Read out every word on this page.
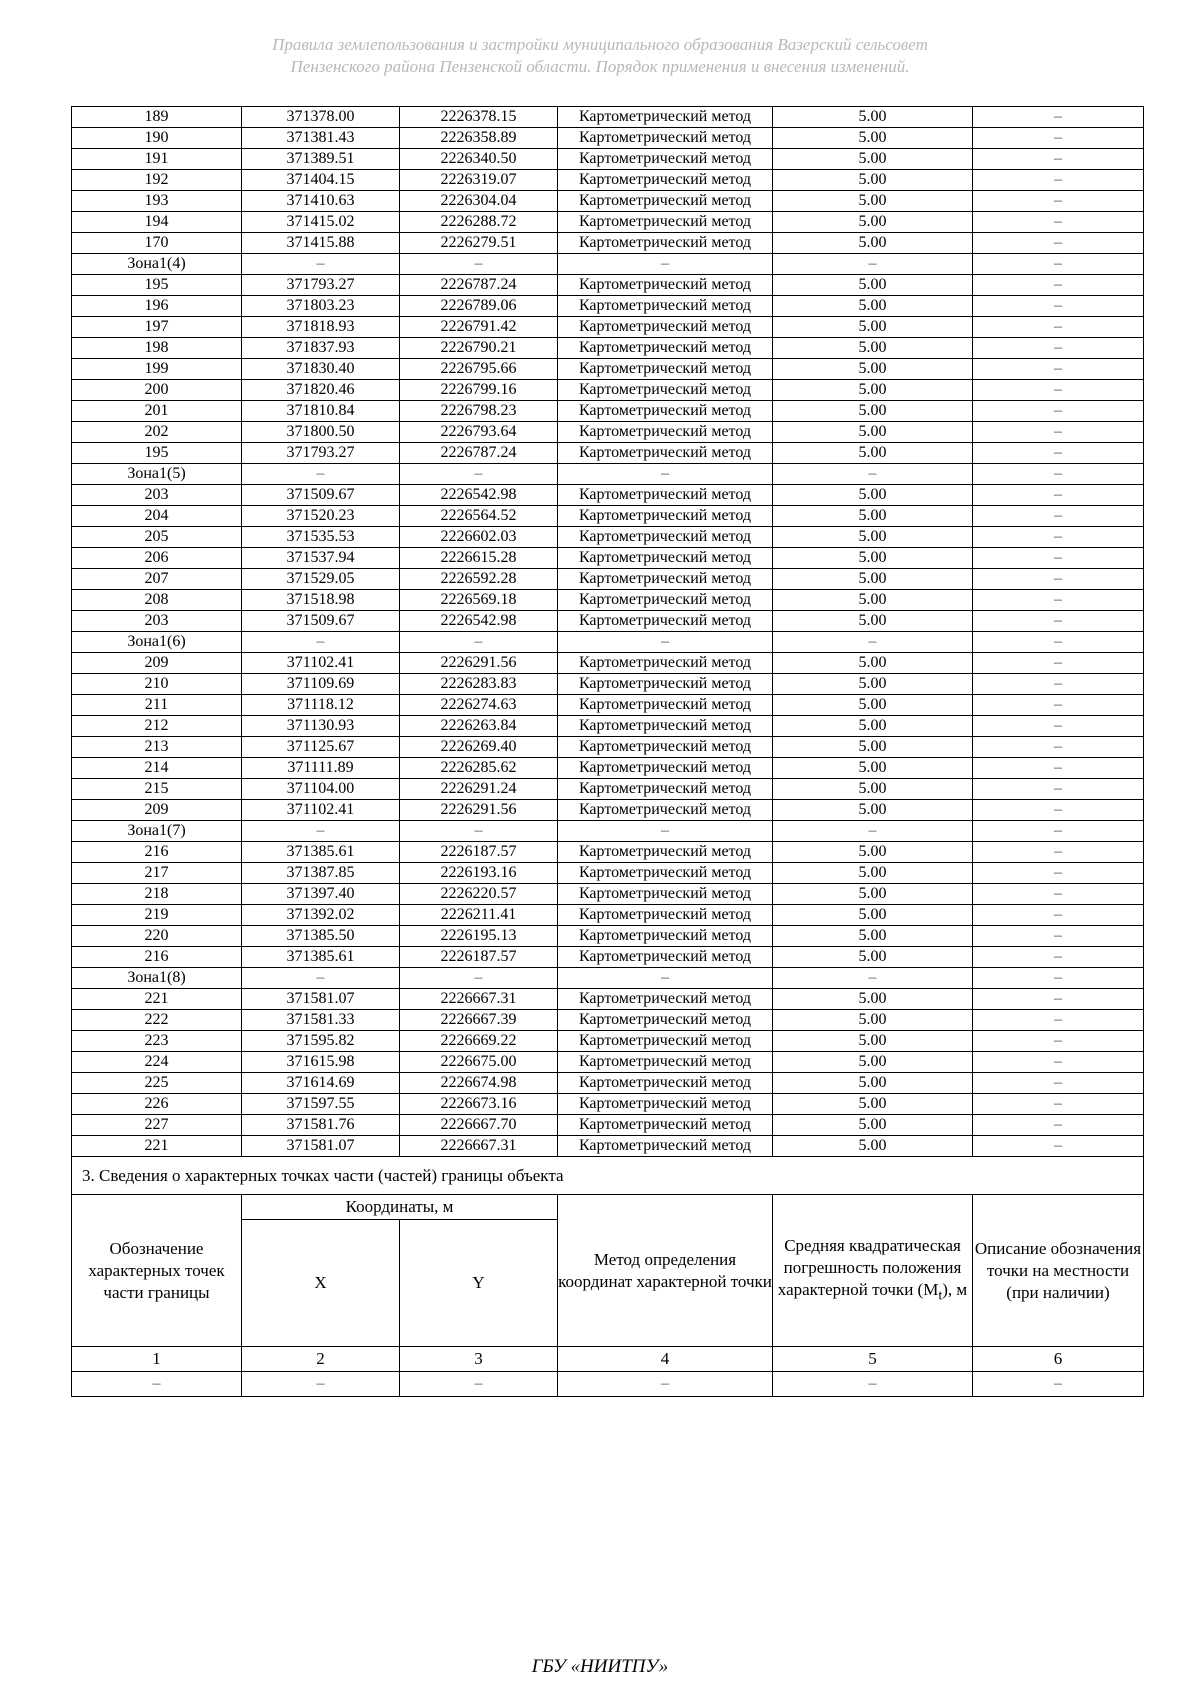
Правила землепользования и застройки муниципального образования Вазерский сельсовет
Пензенского района Пензенской области. Порядок применения и внесения изменений.
189	371378.00	2226378.15	Картометрический метод	5.00	–
190	371381.43	2226358.89	Картометрический метод	5.00	–
191	371389.51	2226340.50	Картометрический метод	5.00	–
192	371404.15	2226319.07	Картометрический метод	5.00	–
193	371410.63	2226304.04	Картометрический метод	5.00	–
194	371415.02	2226288.72	Картометрический метод	5.00	–
170	371415.88	2226279.51	Картометрический метод	5.00	–
Зона1(4)	–	–	–	–	–
195	371793.27	2226787.24	Картометрический метод	5.00	–
196	371803.23	2226789.06	Картометрический метод	5.00	–
197	371818.93	2226791.42	Картометрический метод	5.00	–
198	371837.93	2226790.21	Картометрический метод	5.00	–
199	371830.40	2226795.66	Картометрический метод	5.00	–
200	371820.46	2226799.16	Картометрический метод	5.00	–
201	371810.84	2226798.23	Картометрический метод	5.00	–
202	371800.50	2226793.64	Картометрический метод	5.00	–
195	371793.27	2226787.24	Картометрический метод	5.00	–
Зона1(5)	–	–	–	–	–
203	371509.67	2226542.98	Картометрический метод	5.00	–
204	371520.23	2226564.52	Картометрический метод	5.00	–
205	371535.53	2226602.03	Картометрический метод	5.00	–
206	371537.94	2226615.28	Картометрический метод	5.00	–
207	371529.05	2226592.28	Картометрический метод	5.00	–
208	371518.98	2226569.18	Картометрический метод	5.00	–
203	371509.67	2226542.98	Картометрический метод	5.00	–
Зона1(6)	–	–	–	–	–
209	371102.41	2226291.56	Картометрический метод	5.00	–
210	371109.69	2226283.83	Картометрический метод	5.00	–
211	371118.12	2226274.63	Картометрический метод	5.00	–
212	371130.93	2226263.84	Картометрический метод	5.00	–
213	371125.67	2226269.40	Картометрический метод	5.00	–
214	371111.89	2226285.62	Картометрический метод	5.00	–
215	371104.00	2226291.24	Картометрический метод	5.00	–
209	371102.41	2226291.56	Картометрический метод	5.00	–
Зона1(7)	–	–	–	–	–
216	371385.61	2226187.57	Картометрический метод	5.00	–
217	371387.85	2226193.16	Картометрический метод	5.00	–
218	371397.40	2226220.57	Картометрический метод	5.00	–
219	371392.02	2226211.41	Картометрический метод	5.00	–
220	371385.50	2226195.13	Картометрический метод	5.00	–
216	371385.61	2226187.57	Картометрический метод	5.00	–
Зона1(8)	–	–	–	–	–
221	371581.07	2226667.31	Картометрический метод	5.00	–
222	371581.33	2226667.39	Картометрический метод	5.00	–
223	371595.82	2226669.22	Картометрический метод	5.00	–
224	371615.98	2226675.00	Картометрический метод	5.00	–
225	371614.69	2226674.98	Картометрический метод	5.00	–
226	371597.55	2226673.16	Картометрический метод	5.00	–
227	371581.76	2226667.70	Картометрический метод	5.00	–
221	371581.07	2226667.31	Картометрический метод	5.00	–
3. Сведения о характерных точках части (частей) границы объекта					
Обозначение характерных точек части границы	Координаты, м		Метод определения координат характерной точки	Средняя квадратическая погрешность положения характерной точки $(M_t)$, м	Описание обозначения точки на местности (при наличии)
	X	Y			
1	2	3	4	5	6
–	–	–	–	–	–
ГБУ «НИИТПУ»
